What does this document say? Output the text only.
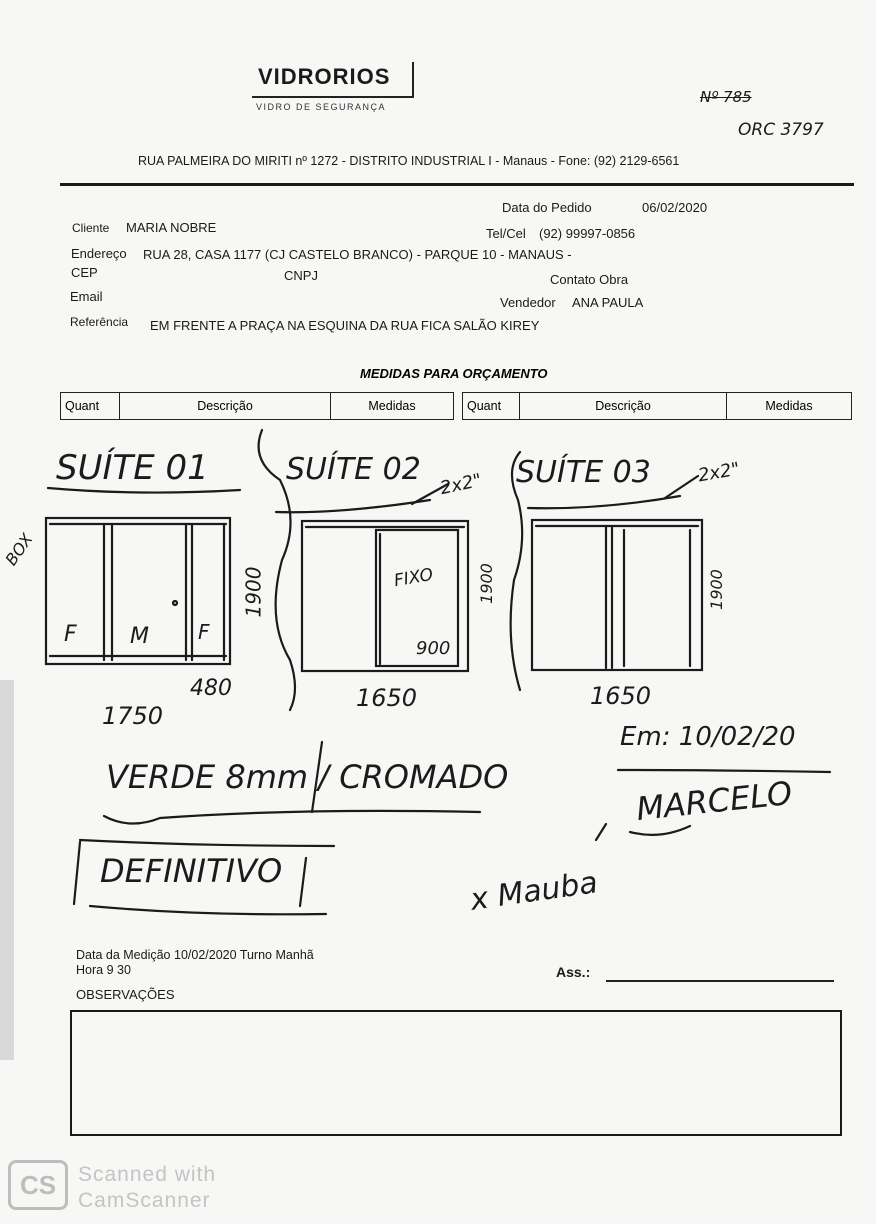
VIDRORIOS
VIDRO DE SEGURANÇA
Nº 785
ORC 3797
RUA PALMEIRA DO MIRITI nº 1272 - DISTRITO INDUSTRIAL I - Manaus - Fone: (92) 2129-6561
Data do Pedido	06/02/2020
Cliente MARIA NOBRE	Tel/Cel (92) 99997-0856
Endereço RUA 28, CASA 1177 (CJ CASTELO BRANCO) - PARQUE 10 - MANAUS -
CEP	CNPJ	Contato Obra
Email	Vendedor ANA PAULA
Referência EM FRENTE A PRAÇA NA ESQUINA DA RUA FICA SALÃO KIREY
MEDIDAS PARA ORÇAMENTO
Quant	Descrição	Medidas	Quant	Descrição	Medidas
SUÍTE 01	SUÍTE 02	SUÍTE 03
BOX
2x2"	2x2"
1900
480
1750
F M F
FIXO	1900
900
1650
1900
1650
VERDE 8mm / CROMADO
DEFINITIVO
Em: 10/02/20
MARCELO
x Mauba
Data da Medição 10/02/2020 Turno Manhã
Hora 9 30	Ass.:
OBSERVAÇÕES
CS	Scanned with
CamScanner
